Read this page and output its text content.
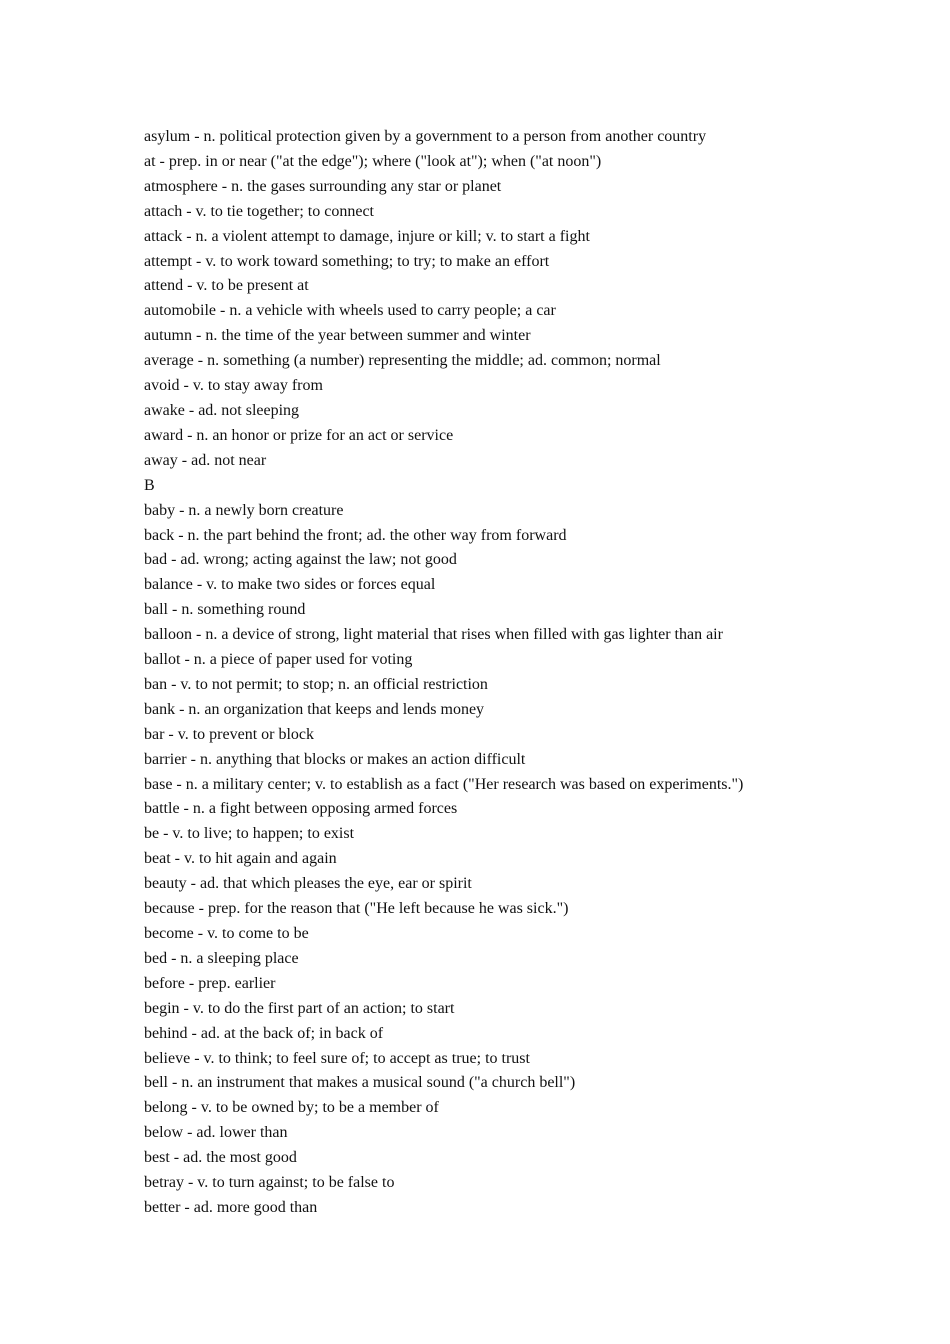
asylum - n. political protection given by a government to a person from another country
at - prep. in or near ("at the edge"); where ("look at"); when ("at noon")
atmosphere - n. the gases surrounding any star or planet
attach - v. to tie together; to connect
attack - n. a violent attempt to damage, injure or kill; v. to start a fight
attempt - v. to work toward something; to try; to make an effort
attend - v. to be present at
automobile - n. a vehicle with wheels used to carry people; a car
autumn - n. the time of the year between summer and winter
average - n. something (a number) representing the middle; ad. common; normal
avoid - v. to stay away from
awake - ad. not sleeping
award - n. an honor or prize for an act or service
away - ad. not near
B
baby - n. a newly born creature
back - n. the part behind the front; ad. the other way from forward
bad - ad. wrong; acting against the law; not good
balance - v. to make two sides or forces equal
ball - n. something round
balloon - n. a device of strong, light material that rises when filled with gas lighter than air
ballot - n. a piece of paper used for voting
ban - v. to not permit; to stop; n. an official restriction
bank - n. an organization that keeps and lends money
bar - v. to prevent or block
barrier - n. anything that blocks or makes an action difficult
base - n. a military center; v. to establish as a fact ("Her research was based on experiments.")
battle - n. a fight between opposing armed forces
be - v. to live; to happen; to exist
beat - v. to hit again and again
beauty - ad. that which pleases the eye, ear or spirit
because - prep. for the reason that ("He left because he was sick.")
become - v. to come to be
bed - n. a sleeping place
before - prep. earlier
begin - v. to do the first part of an action; to start
behind - ad. at the back of; in back of
believe - v. to think; to feel sure of; to accept as true; to trust
bell - n. an instrument that makes a musical sound ("a church bell")
belong - v. to be owned by; to be a member of
below - ad. lower than
best - ad. the most good
betray - v. to turn against; to be false to
better - ad. more good than
